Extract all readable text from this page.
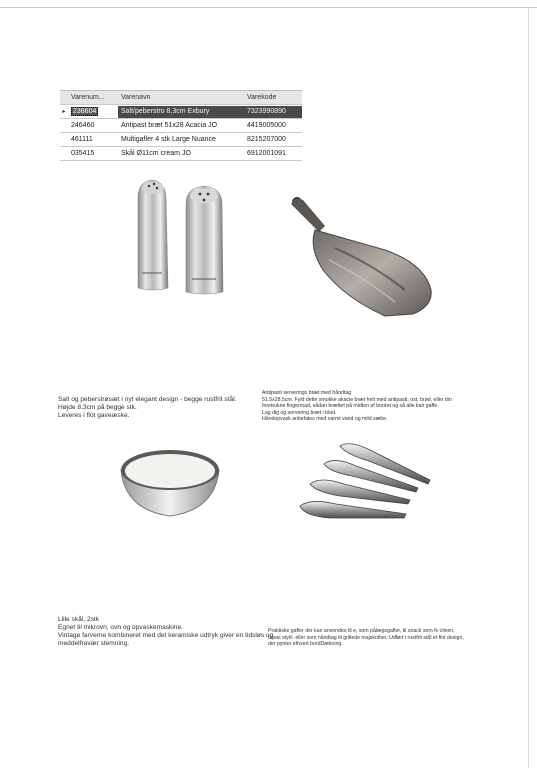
Varenum...	Varenavn	Varekode
▸	238604	Salt/peberstro 8,3cm Exbury	7323990890
246460	Antipast bræt 51x28 Acacia JO	4419005000
461111	Multigafler 4 stk Large Nuance	8215207000
035415	Skål Ø11cm cream JO	6912001091
Salt og peberstrøsæt i nyt elegant design - begge rustfrit stål.
Højde 8,3cm på begge stk.
Leveres i flot gaveæske.
Antipasti serverings bræt med håndtag
51.5x28.5cm. Fyld dette smukke akacie bræt helt med antipasti, ost, brød, eller din
foretrukne fingermad, sådan brættet på midten af bordet og så alle kan gaffe.
Lag dig og servering bræt i blad.
Håndopvask anbefales med varmt vand og mild sæbe.
Lille skål, 2stk
Egnet til mikrovn, ovn og opvaskemaskine.
Vintage farverne kombineret med det keramiske udtryk giver en tidsløs og
meddelfravær stemning.
Praktiske gafler der kan anvendes til e, som pålægsgafler, til snack som fx oliven,
tapas stykl. eller som håndtag til grillede majskolber. Udført i rustfrit stål et flot design,
der pynter ethvert bordDækning.
